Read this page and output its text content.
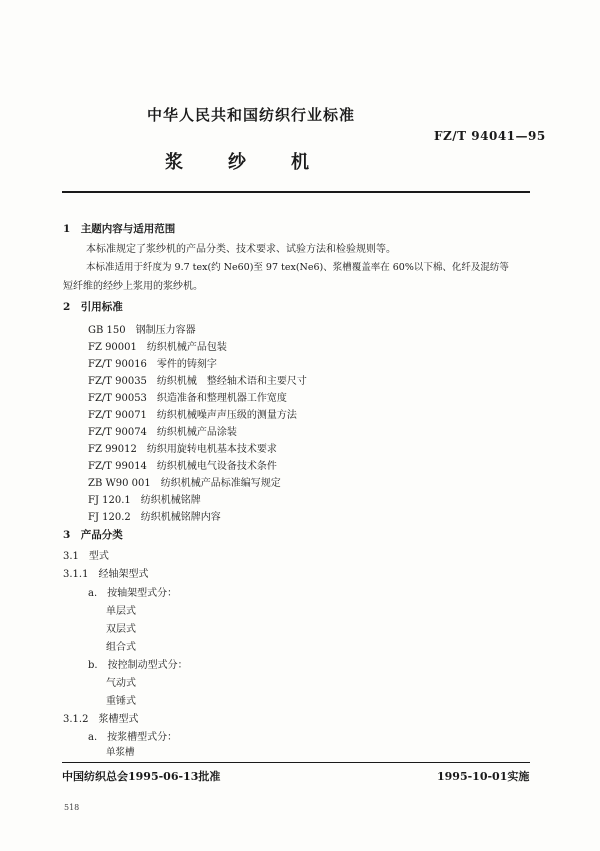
中华人民共和国纺织行业标准
FZ/T 94041—95
浆	纱	机
1　主题内容与适用范围
本标准规定了浆纱机的产品分类、技术要求、试验方法和检验规则等。
本标准适用于纤度为 9.7 tex(约 Ne60)至 97 tex(Ne6)、浆槽覆盖率在 60%以下棉、化纤及混纺等
短纤维的经纱上浆用的浆纱机。
2　引用标准
GB 150 钢制压力容器
FZ 90001 纺织机械产品包装
FZ/T 90016 零件的铸刻字
FZ/T 90035 纺织机械　整经轴术语和主要尺寸
FZ/T 90053 织造准备和整理机器工作宽度
FZ/T 90071 纺织机械噪声声压级的测量方法
FZ/T 90074 纺织机械产品涂装
FZ 99012 纺织用旋转电机基本技术要求
FZ/T 99014 纺织机械电气设备技术条件
ZB W90 001 纺织机械产品标准编写规定
FJ 120.1 纺织机械铭牌
FJ 120.2 纺织机械铭牌内容
3　产品分类
3.1　型式
3.1.1　经轴架型式
a.　按轴架型式分：
单层式
双层式
组合式
b.　按控制动型式分：
气动式
重锤式
3.1.2　浆槽型式
a.　按浆槽型式分：
单浆槽
中国纺织总会1995-06-13批准	1995-10-01实施
518
